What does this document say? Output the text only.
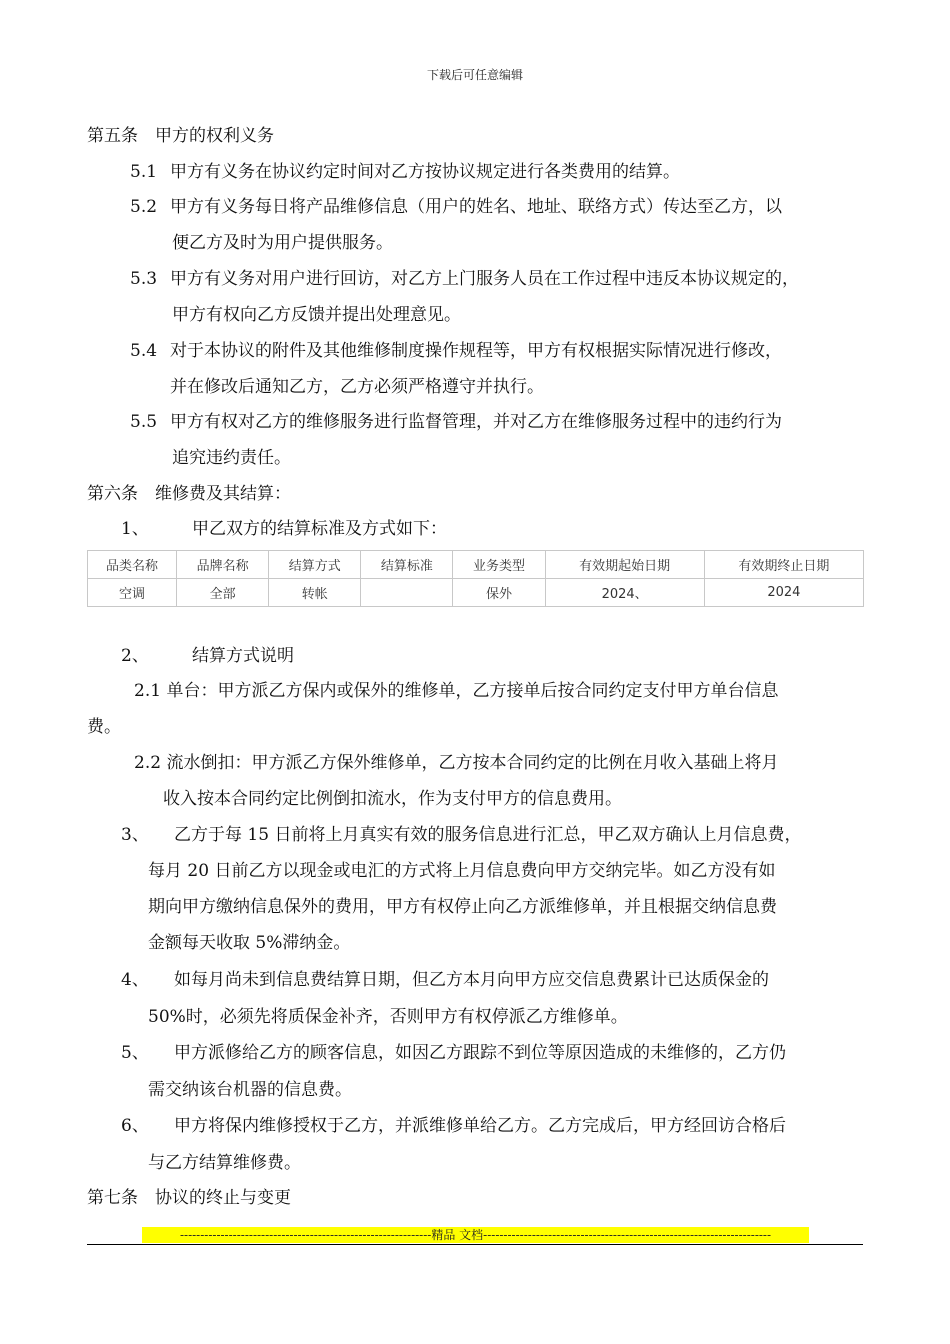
下载后可任意编辑
第五条　甲方的权利义务
5.1 甲方有义务在协议约定时间对乙方按协议规定进行各类费用的结算。
5.2 甲方有义务每日将产品维修信息（用户的姓名、地址、联络方式）传达至乙方，以
便乙方及时为用户提供服务。
5.3 甲方有义务对用户进行回访，对乙方上门服务人员在工作过程中违反本协议规定的，
甲方有权向乙方反馈并提出处理意见。
5.4 对于本协议的附件及其他维修制度操作规程等，甲方有权根据实际情况进行修改，
并在修改后通知乙方，乙方必须严格遵守并执行。
5.5 甲方有权对乙方的维修服务进行监督管理，并对乙方在维修服务过程中的违约行为
追究违约责任。
第六条　维修费及其结算：
1、	甲乙双方的结算标准及方式如下：
品类名称	品牌名称	结算方式	结算标准	业务类型	有效期起始日期	有效期终止日期
空调	全部	转帐		保外	2024、	2024
2、	结算方式说明
2.1 单台：甲方派乙方保内或保外的维修单，乙方接单后按合同约定支付甲方单台信息
费。
2.2 流水倒扣：甲方派乙方保外维修单，乙方按本合同约定的比例在月收入基础上将月
收入按本合同约定比例倒扣流水，作为支付甲方的信息费用。
3、 乙方于每 15 日前将上月真实有效的服务信息进行汇总，甲乙双方确认上月信息费，
每月 20 日前乙方以现金或电汇的方式将上月信息费向甲方交纳完毕。如乙方没有如
期向甲方缴纳信息保外的费用，甲方有权停止向乙方派维修单，并且根据交纳信息费
金额每天收取 5%滞纳金。
4、 如每月尚未到信息费结算日期，但乙方本月向甲方应交信息费累计已达质保金的
50%时，必须先将质保金补齐，否则甲方有权停派乙方维修单。
5、 甲方派修给乙方的顾客信息，如因乙方跟踪不到位等原因造成的未维修的，乙方仍
需交纳该台机器的信息费。
6、 甲方将保内维修授权于乙方，并派维修单给乙方。乙方完成后，甲方经回访合格后
与乙方结算维修费。
第七条　协议的终止与变更
--------------------------------------------------------------精品 文档-----------------------------------------------------------------------
